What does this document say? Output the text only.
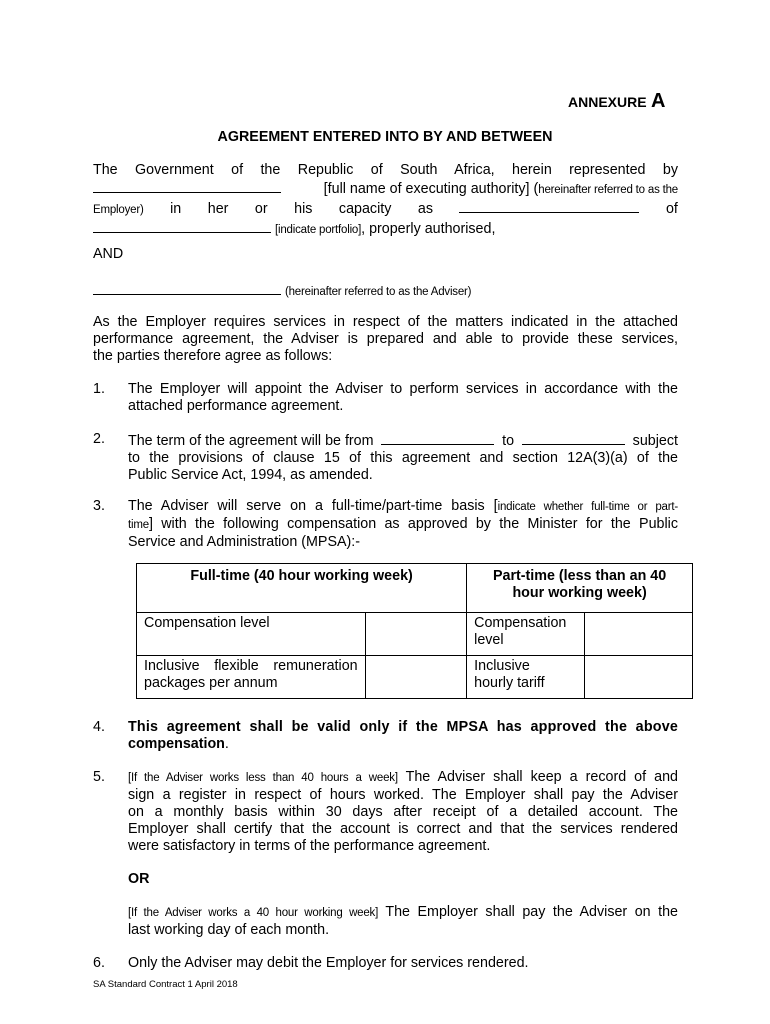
ANNEXURE A
AGREEMENT ENTERED INTO BY AND BETWEEN
The Government of the Republic of South Africa, herein represented by
[full name of executing authority] (hereinafter referred to as the
Employer) in her or his capacity as	of
[indicate portfolio], properly authorised,
AND
(hereinafter referred to as the Adviser)
As the Employer requires services in respect of the matters indicated in the attached
performance agreement, the Adviser is prepared and able to provide these services,
the parties therefore agree as follows:
1. The Employer will appoint the Adviser to perform services in accordance with the
attached performance agreement.
2. The term of the agreement will be from	to	subject
to the provisions of clause 15 of this agreement and section 12A(3)(a) of the
Public Service Act, 1994, as amended.
3. The Adviser will serve on a full-time/part-time basis [indicate whether full-time or part-
time] with the following compensation as approved by the Minister for the Public
Service and Administration (MPSA):-
Full-time (40 hour working week)		Part-time (less than an 40
hour working week)	

Compensation level		Compensation
level	

Inclusive flexible remuneration
packages per annum		Inclusive
hourly tariff	

4. This agreement shall be valid only if the MPSA has approved the above
compensation.
5. [If the Adviser works less than 40 hours a week] The Adviser shall keep a record of and
sign a register in respect of hours worked. The Employer shall pay the Adviser
on a monthly basis within 30 days after receipt of a detailed account. The
Employer shall certify that the account is correct and that the services rendered
were satisfactory in terms of the performance agreement.
OR
[If the Adviser works a 40 hour working week] The Employer shall pay the Adviser on the
last working day of each month.
6. Only the Adviser may debit the Employer for services rendered.
SA Standard Contract 1 April 2018
